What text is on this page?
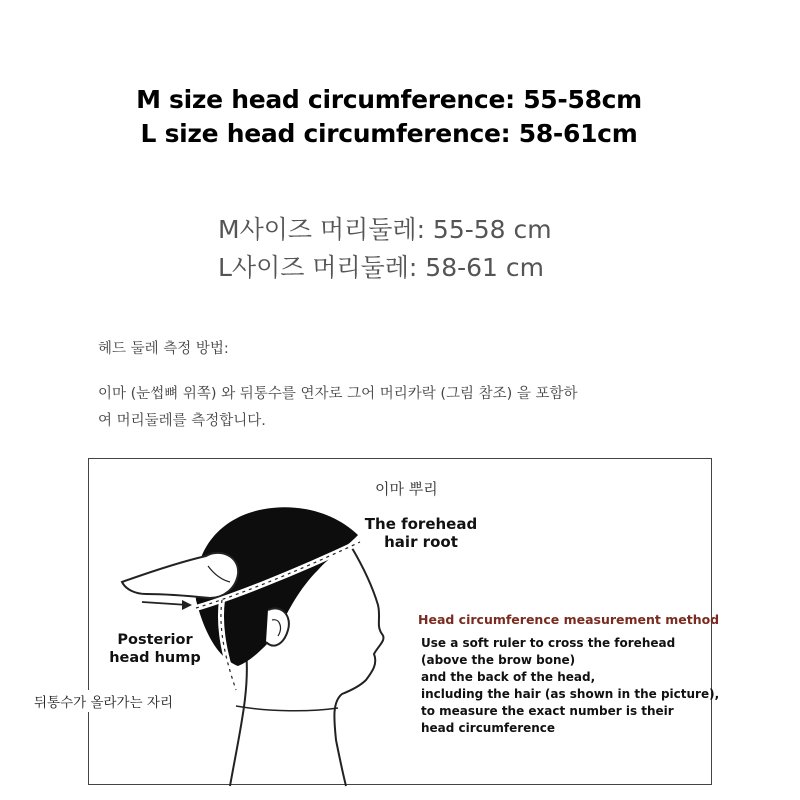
M size head circumference: 55-58cm
L size head circumference: 58-61cm
M사이즈 머리둘레: 55-58 cm
L사이즈 머리둘레: 58-61 cm
헤드 둘레 측정 방법:
이마 (눈썹뼈 위쪽) 와 뒤통수를 연자로 그어 머리카락 (그림 참조) 을 포함하
여 머리둘레를 측정합니다.
이마 뿌리
The forehead hair root
Posterior head hump
뒤통수가 올라가는 자리
Head circumference measurement method
Use a soft ruler to cross the forehead
(above the brow bone)
and the back of the head,
including the hair (as shown in the picture),
to measure the exact number is their
head circumference
